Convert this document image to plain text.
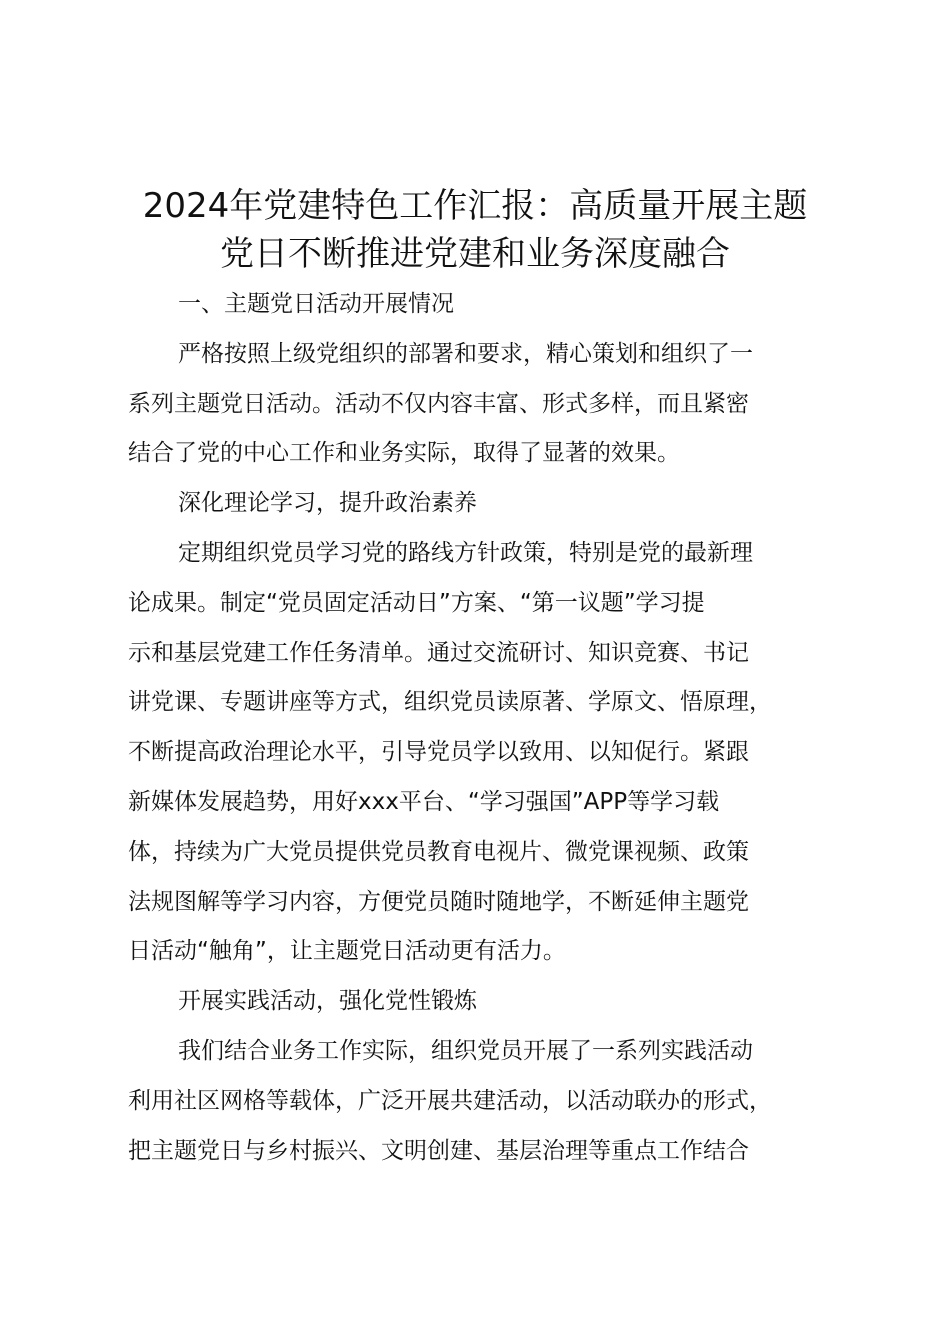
2024年党建特色工作汇报：高质量开展主题
党日不断推进党建和业务深度融合
一、主题党日活动开展情况
严格按照上级党组织的部署和要求，精心策划和组织了一
系列主题党日活动。活动不仅内容丰富、形式多样，而且紧密
结合了党的中心工作和业务实际，取得了显著的效果。
深化理论学习，提升政治素养
定期组织党员学习党的路线方针政策，特别是党的最新理
论成果。制定“党员固定活动日”方案、“第一议题”学习提
示和基层党建工作任务清单。通过交流研讨、知识竞赛、书记
讲党课、专题讲座等方式，组织党员读原著、学原文、悟原理，
不断提高政治理论水平，引导党员学以致用、以知促行。紧跟
新媒体发展趋势，用好xxx平台、“学习强国”APP等学习载
体，持续为广大党员提供党员教育电视片、微党课视频、政策
法规图解等学习内容，方便党员随时随地学，不断延伸主题党
日活动“触角”，让主题党日活动更有活力。
开展实践活动，强化党性锻炼
我们结合业务工作实际，组织党员开展了一系列实践活动
利用社区网格等载体，广泛开展共建活动，以活动联办的形式，
把主题党日与乡村振兴、文明创建、基层治理等重点工作结合
